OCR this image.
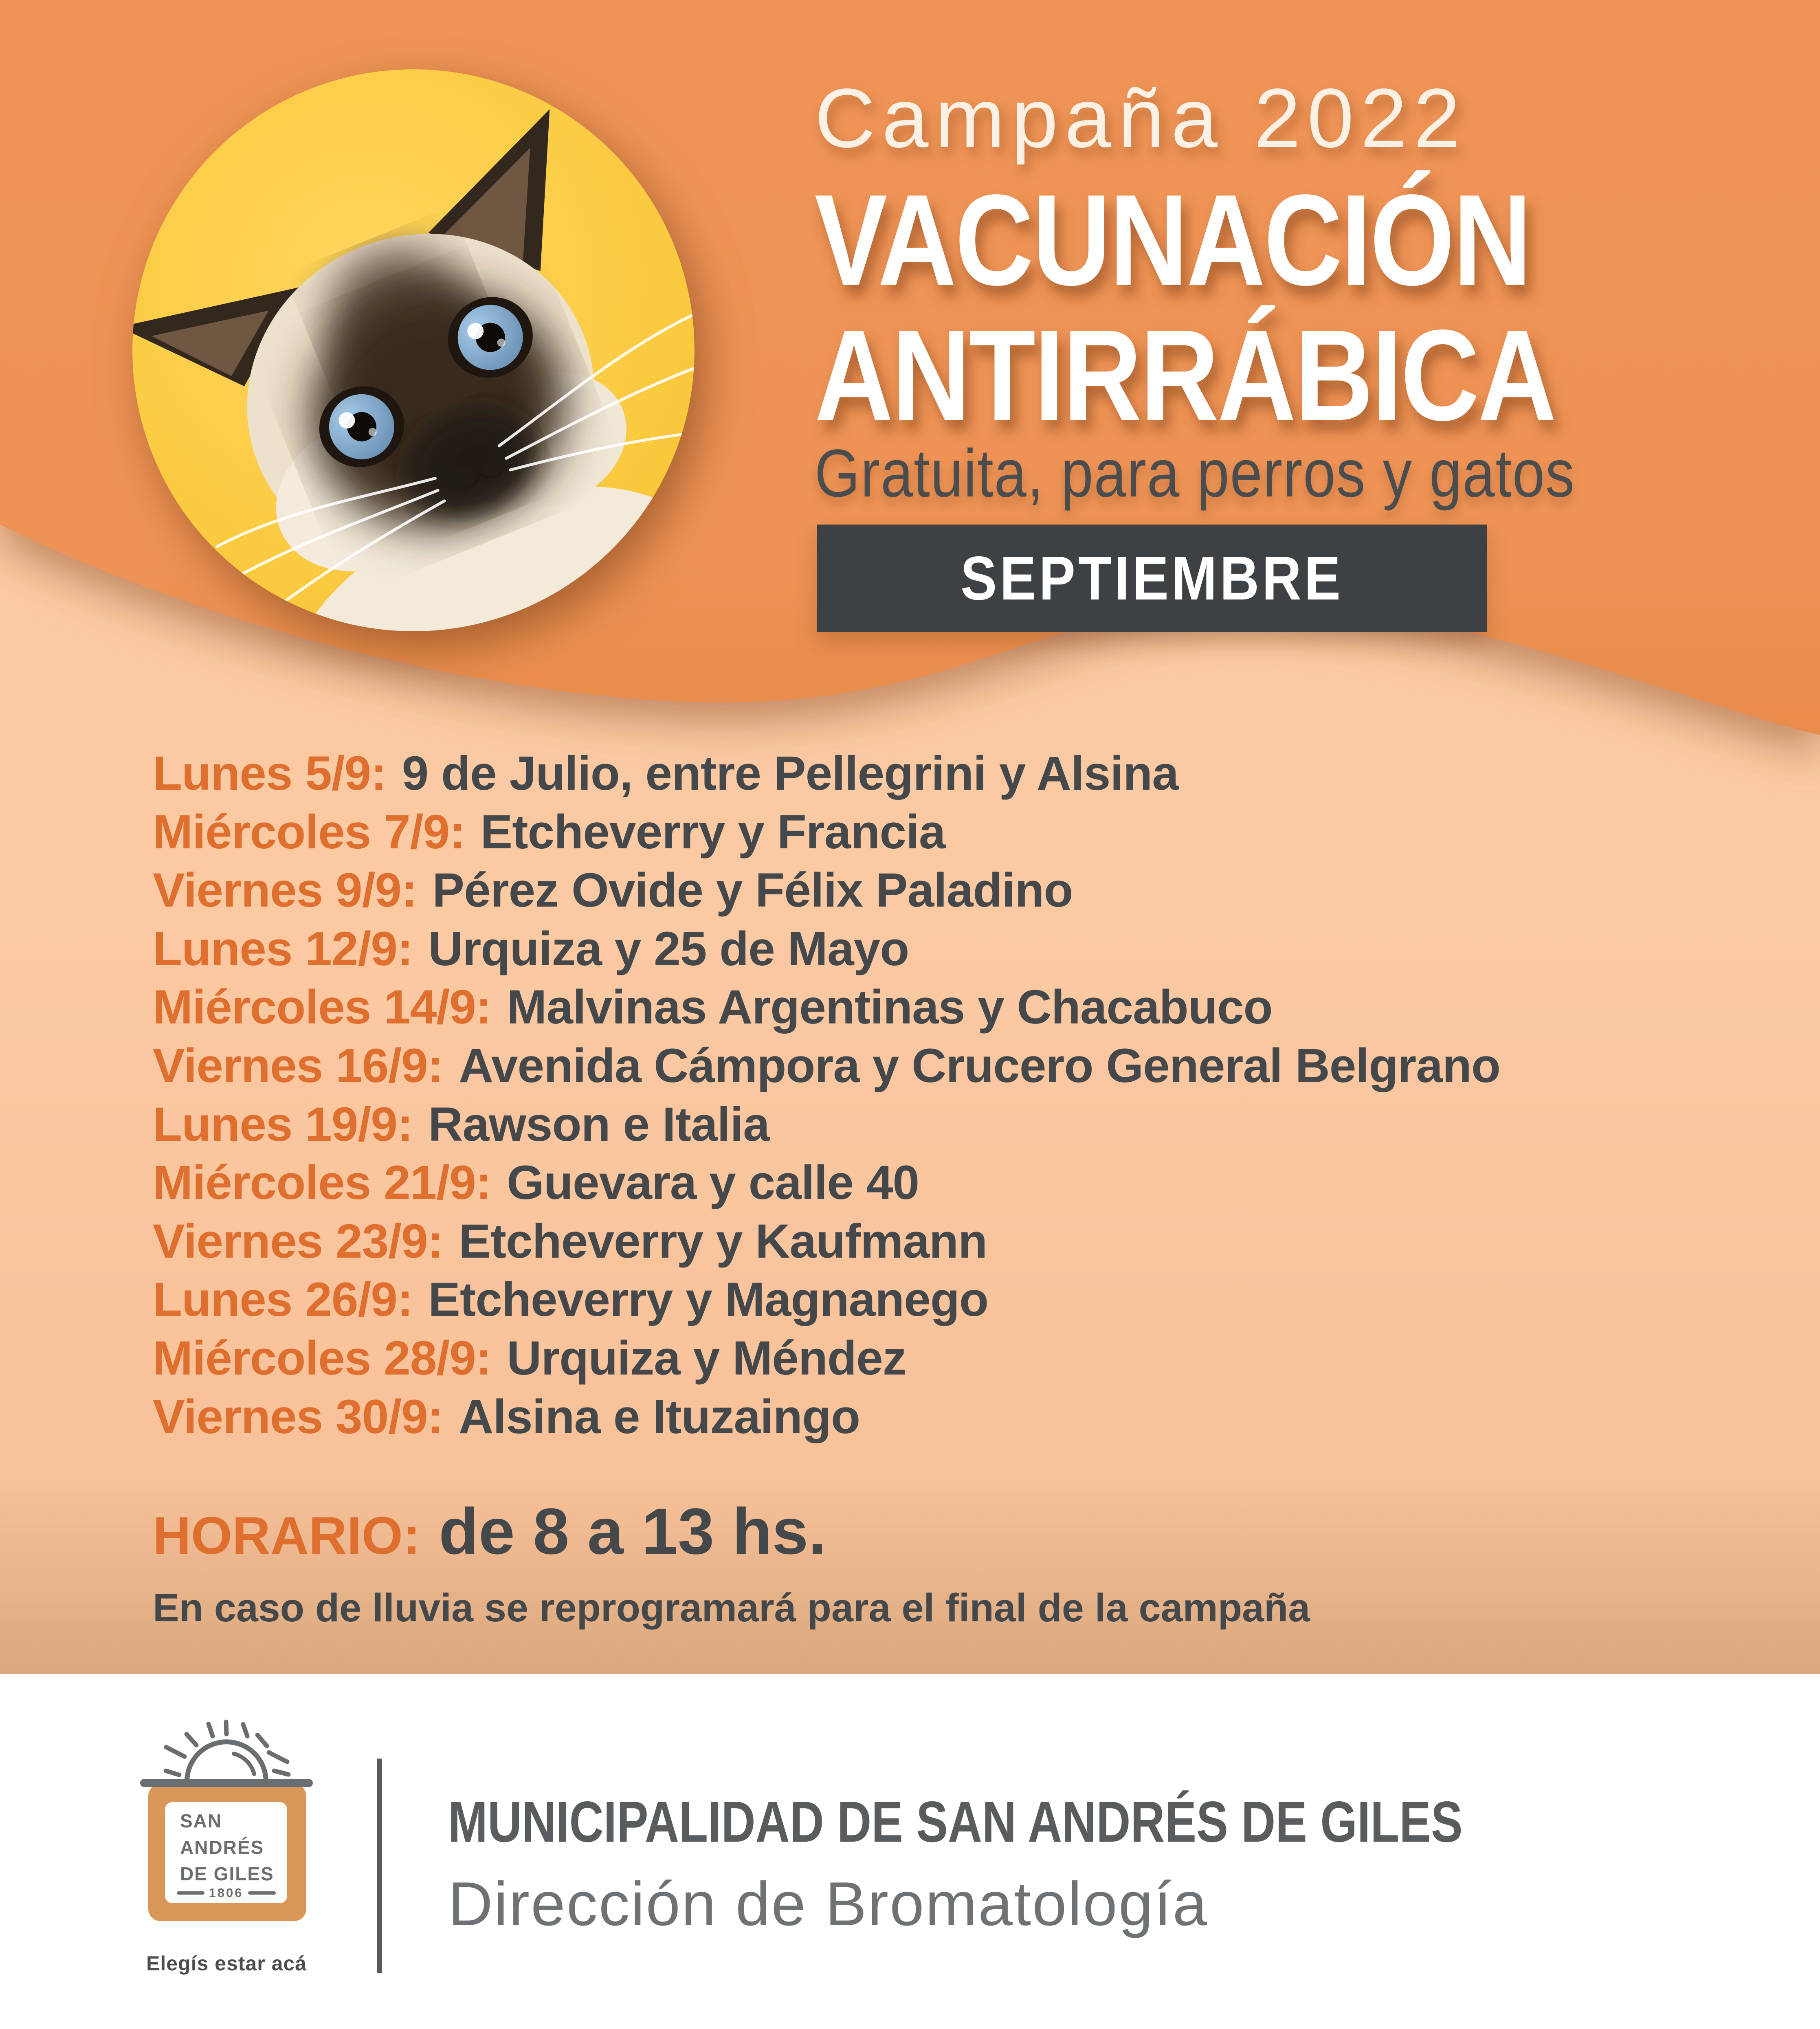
Campaña 2022
VACUNACIÓN
ANTIRRÁBICA
Gratuita, para perros y gatos
SEPTIEMBRE
Lunes 5/9: 9 de Julio, entre Pellegrini y Alsina
Miércoles 7/9: Etcheverry y Francia
Viernes 9/9: Pérez Ovide y Félix Paladino
Lunes 12/9: Urquiza y 25 de Mayo
Miércoles 14/9: Malvinas Argentinas y Chacabuco
Viernes 16/9: Avenida Cámpora y Crucero General Belgrano
Lunes 19/9: Rawson e Italia
Miércoles 21/9: Guevara y calle 40
Viernes 23/9: Etcheverry y Kaufmann
Lunes 26/9: Etcheverry y Magnanego
Miércoles 28/9: Urquiza y Méndez
Viernes 30/9: Alsina e Ituzaingo
HORARIO: de 8 a 13 hs.
En caso de lluvia se reprogramará para el final de la campaña
SAN
ANDRÉS
DE GILES
1806
Elegís estar acá
MUNICIPALIDAD DE SAN ANDRÉS DE GILES
Dirección de Bromatología
